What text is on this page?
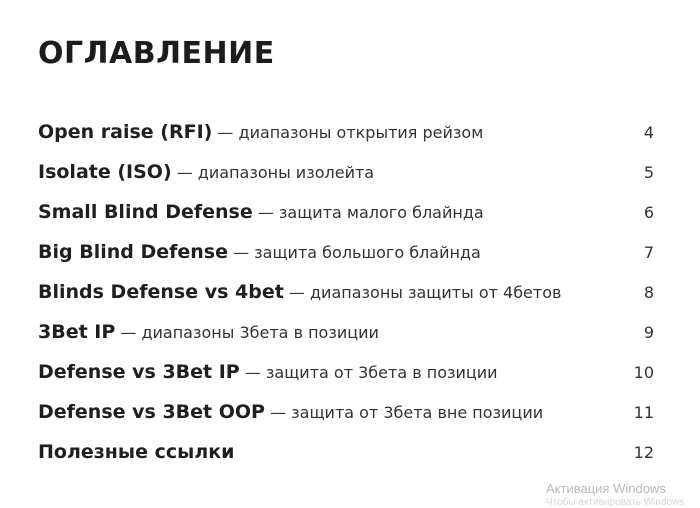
ОГЛАВЛЕНИЕ
Open raise (RFI) — диапазоны открытия рейзом	4
Isolate (ISO) — диапазоны изолейта	5
Small Blind Defense — защита малого блайнда	6
Big Blind Defense — защита большого блайнда	7
Blinds Defense vs 4bet — диапазоны защиты от 4бетов	8
3Bet IP — диапазоны 3бета в позиции	9
Defense vs 3Bet IP — защита от 3бета в позиции	10
Defense vs 3Bet OOP — защита от 3бета вне позиции	11
Полезные ссылки	12
Активация Windows
Чтобы активировать Windows
